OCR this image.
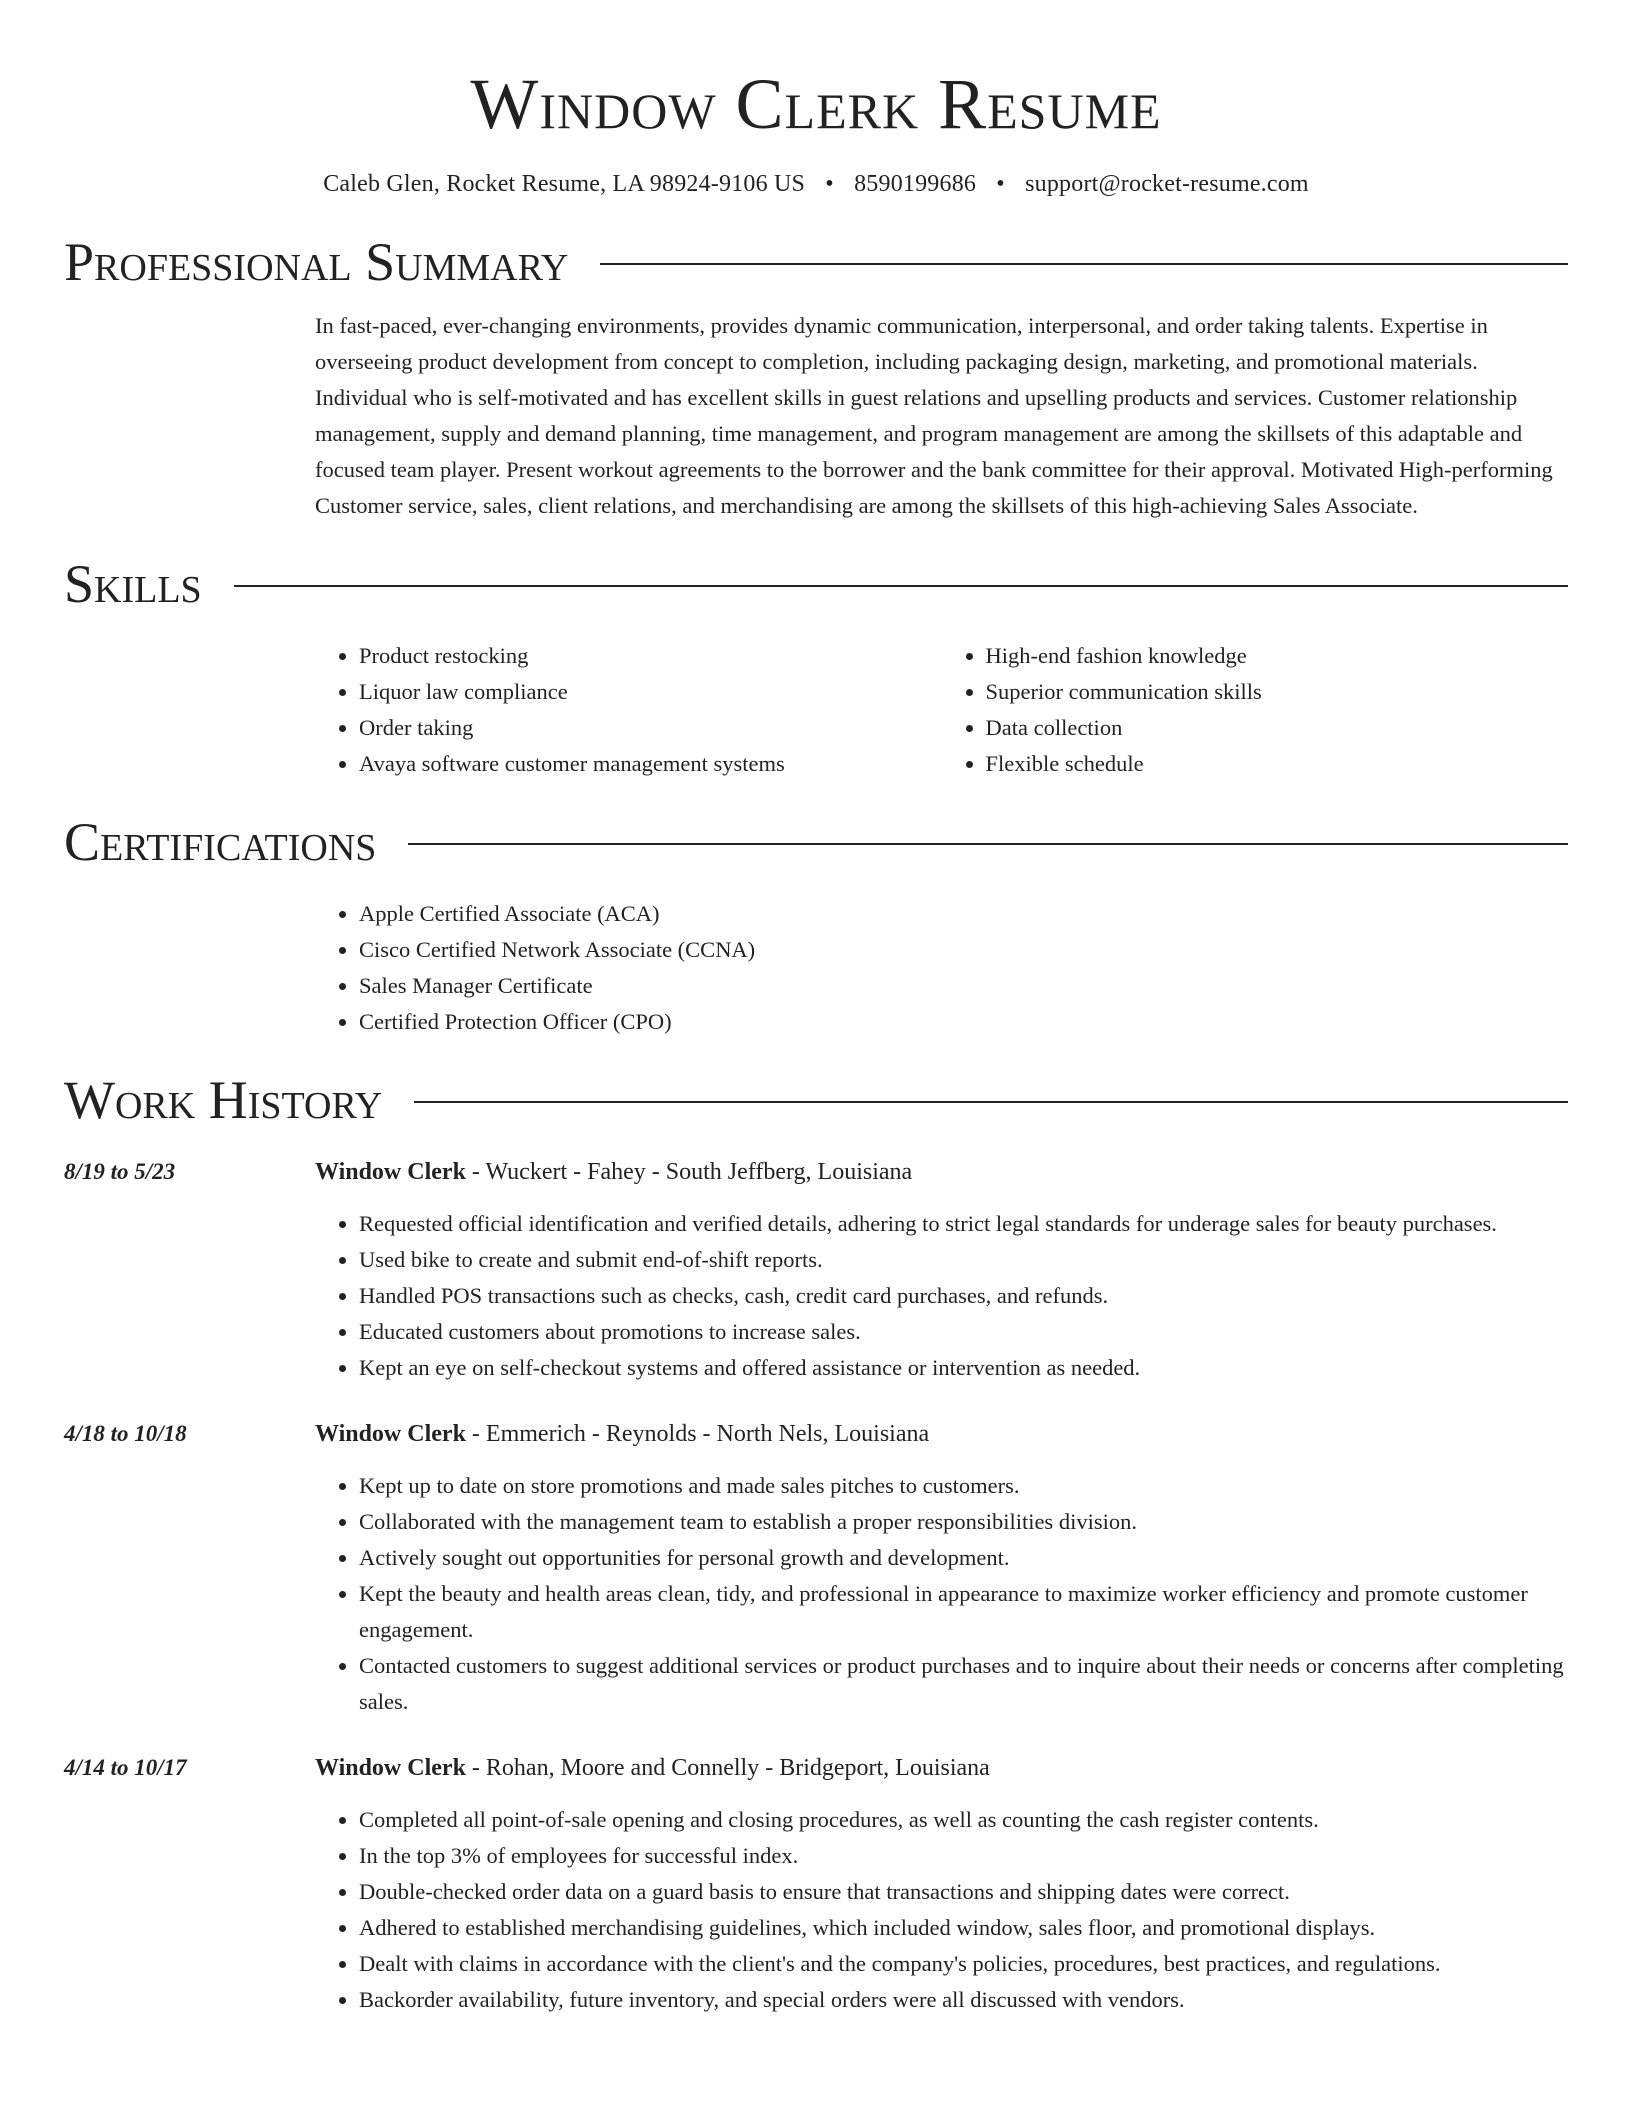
Window Clerk Resume
Caleb Glen, Rocket Resume, LA 98924-9106 US • 8590199686 • support@rocket-resume.com
Professional Summary
In fast-paced, ever-changing environments, provides dynamic communication, interpersonal, and order taking talents. Expertise in overseeing product development from concept to completion, including packaging design, marketing, and promotional materials. Individual who is self-motivated and has excellent skills in guest relations and upselling products and services. Customer relationship management, supply and demand planning, time management, and program management are among the skillsets of this adaptable and focused team player. Present workout agreements to the borrower and the bank committee for their approval. Motivated High-performing Customer service, sales, client relations, and merchandising are among the skillsets of this high-achieving Sales Associate.
Skills
• Product restocking
• Liquor law compliance
• Order taking
• Avaya software customer management systems
• High-end fashion knowledge
• Superior communication skills
• Data collection
• Flexible schedule
Certifications
• Apple Certified Associate (ACA)
• Cisco Certified Network Associate (CCNA)
• Sales Manager Certificate
• Certified Protection Officer (CPO)
Work History
8/19 to 5/23	Window Clerk - Wuckert - Fahey - South Jeffberg, Louisiana
• Requested official identification and verified details, adhering to strict legal standards for underage sales for beauty purchases.
• Used bike to create and submit end-of-shift reports.
• Handled POS transactions such as checks, cash, credit card purchases, and refunds.
• Educated customers about promotions to increase sales.
• Kept an eye on self-checkout systems and offered assistance or intervention as needed.
4/18 to 10/18	Window Clerk - Emmerich - Reynolds - North Nels, Louisiana
• Kept up to date on store promotions and made sales pitches to customers.
• Collaborated with the management team to establish a proper responsibilities division.
• Actively sought out opportunities for personal growth and development.
• Kept the beauty and health areas clean, tidy, and professional in appearance to maximize worker efficiency and promote customer engagement.
• Contacted customers to suggest additional services or product purchases and to inquire about their needs or concerns after completing sales.
4/14 to 10/17	Window Clerk - Rohan, Moore and Connelly - Bridgeport, Louisiana
• Completed all point-of-sale opening and closing procedures, as well as counting the cash register contents.
• In the top 3% of employees for successful index.
• Double-checked order data on a guard basis to ensure that transactions and shipping dates were correct.
• Adhered to established merchandising guidelines, which included window, sales floor, and promotional displays.
• Dealt with claims in accordance with the client's and the company's policies, procedures, best practices, and regulations.
• Backorder availability, future inventory, and special orders were all discussed with vendors.
